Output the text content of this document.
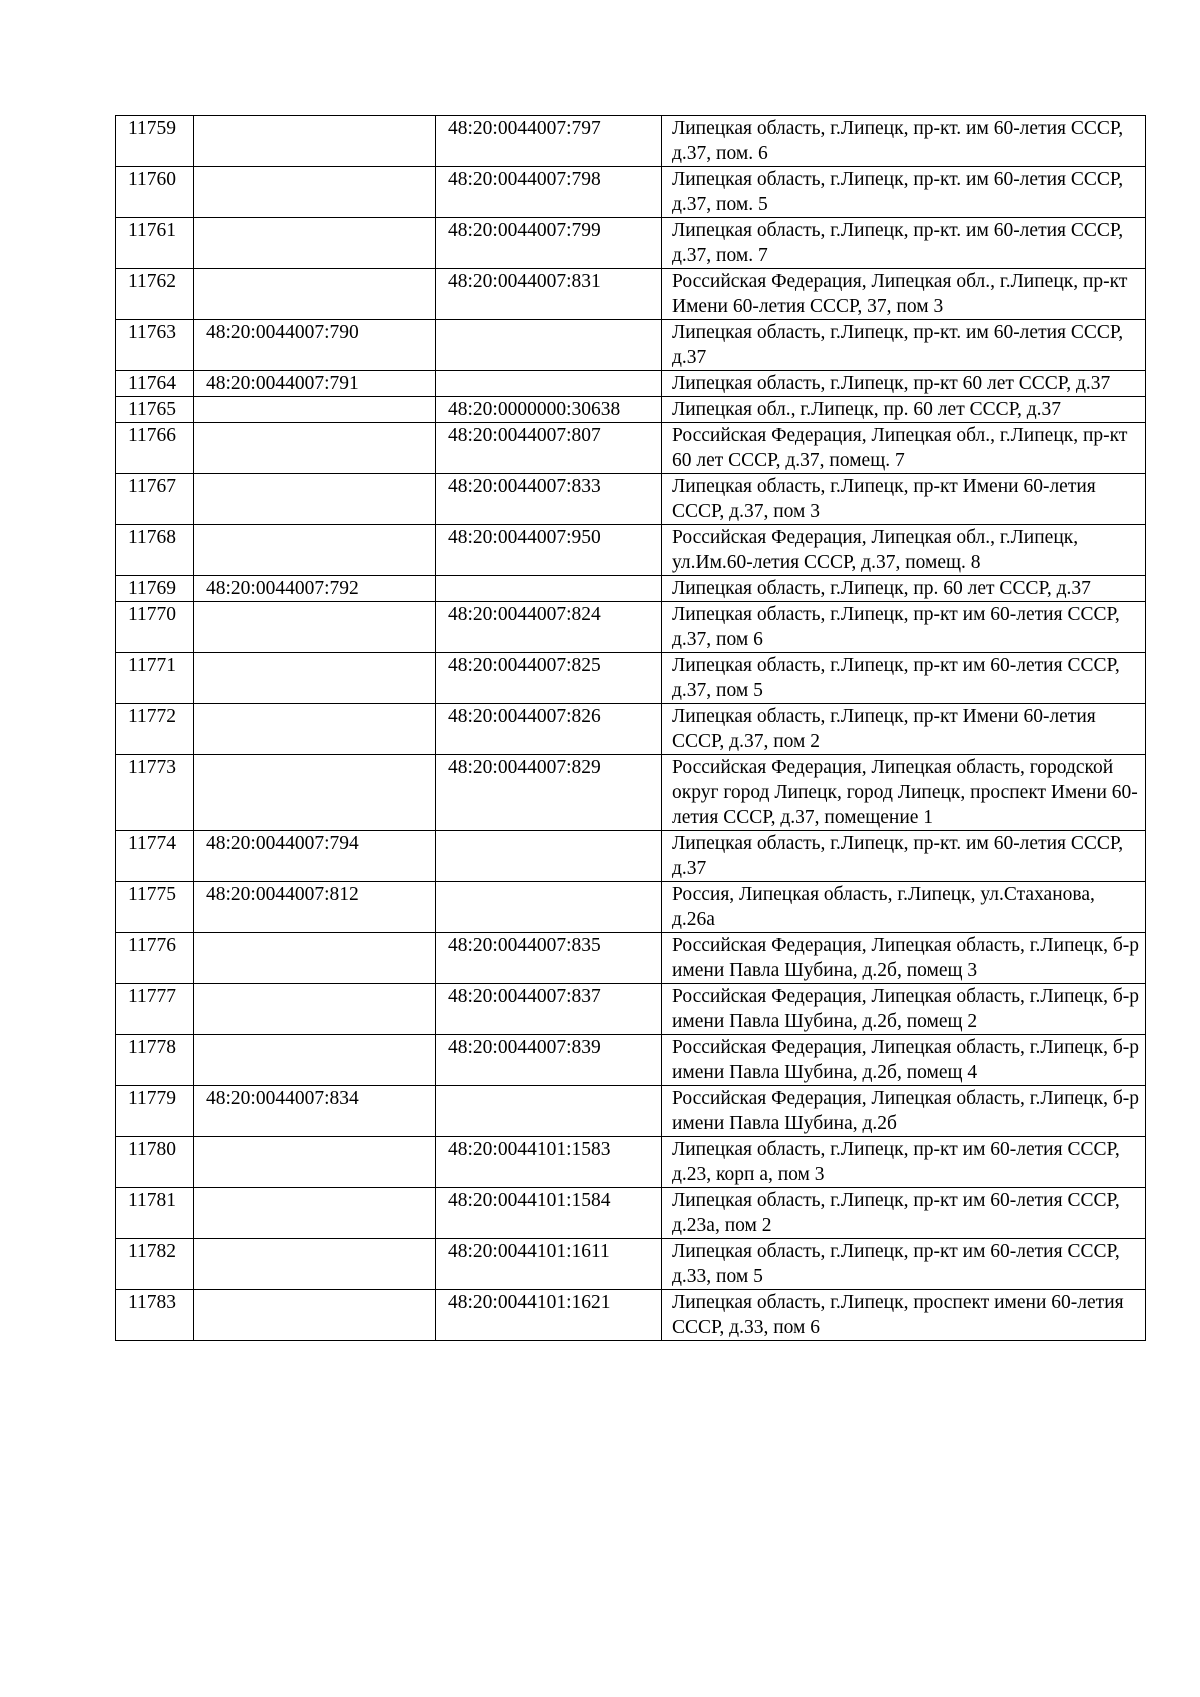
11759		48:20:0044007:797	Липецкая область, г.Липецк, пр-кт. им 60-летия СССР, д.37, пом. 6
11760		48:20:0044007:798	Липецкая область, г.Липецк, пр-кт. им 60-летия СССР, д.37, пом. 5
11761		48:20:0044007:799	Липецкая область, г.Липецк, пр-кт. им 60-летия СССР, д.37, пом. 7
11762		48:20:0044007:831	Российская Федерация, Липецкая обл., г.Липецк, пр-кт Имени 60-летия СССР, 37, пом 3
11763	48:20:0044007:790		Липецкая область, г.Липецк, пр-кт. им 60-летия СССР, д.37
11764	48:20:0044007:791		Липецкая область, г.Липецк, пр-кт 60 лет СССР, д.37
11765		48:20:0000000:30638	Липецкая обл., г.Липецк, пр. 60 лет СССР, д.37
11766		48:20:0044007:807	Российская Федерация, Липецкая обл., г.Липецк, пр-кт 60 лет СССР, д.37, помещ. 7
11767		48:20:0044007:833	Липецкая область, г.Липецк, пр-кт Имени 60-летия СССР, д.37, пом 3
11768		48:20:0044007:950	Российская Федерация, Липецкая обл., г.Липецк, ул.Им.60-летия СССР, д.37, помещ. 8
11769	48:20:0044007:792		Липецкая область, г.Липецк, пр. 60 лет СССР, д.37
11770		48:20:0044007:824	Липецкая область, г.Липецк, пр-кт им 60-летия СССР, д.37, пом 6
11771		48:20:0044007:825	Липецкая область, г.Липецк, пр-кт им 60-летия СССР, д.37, пом 5
11772		48:20:0044007:826	Липецкая область, г.Липецк, пр-кт Имени 60-летия СССР, д.37, пом 2
11773		48:20:0044007:829	Российская Федерация, Липецкая область, городской округ город Липецк, город Липецк, проспект Имени 60-летия СССР, д.37, помещение 1
11774	48:20:0044007:794		Липецкая область, г.Липецк, пр-кт. им 60-летия СССР, д.37
11775	48:20:0044007:812		Россия, Липецкая область, г.Липецк, ул.Стаханова, д.26а
11776		48:20:0044007:835	Российская Федерация, Липецкая область, г.Липецк, б-р имени Павла Шубина, д.2б, помещ 3
11777		48:20:0044007:837	Российская Федерация, Липецкая область, г.Липецк, б-р имени Павла Шубина, д.2б, помещ 2
11778		48:20:0044007:839	Российская Федерация, Липецкая область, г.Липецк, б-р имени Павла Шубина, д.2б, помещ 4
11779	48:20:0044007:834		Российская Федерация, Липецкая область, г.Липецк, б-р имени Павла Шубина, д.2б
11780		48:20:0044101:1583	Липецкая область, г.Липецк, пр-кт им 60-летия СССР, д.23, корп а, пом 3
11781		48:20:0044101:1584	Липецкая область, г.Липецк, пр-кт им 60-летия СССР, д.23а, пом 2
11782		48:20:0044101:1611	Липецкая область, г.Липецк, пр-кт им 60-летия СССР, д.33, пом 5
11783		48:20:0044101:1621	Липецкая область, г.Липецк, проспект имени 60-летия СССР, д.33, пом 6
